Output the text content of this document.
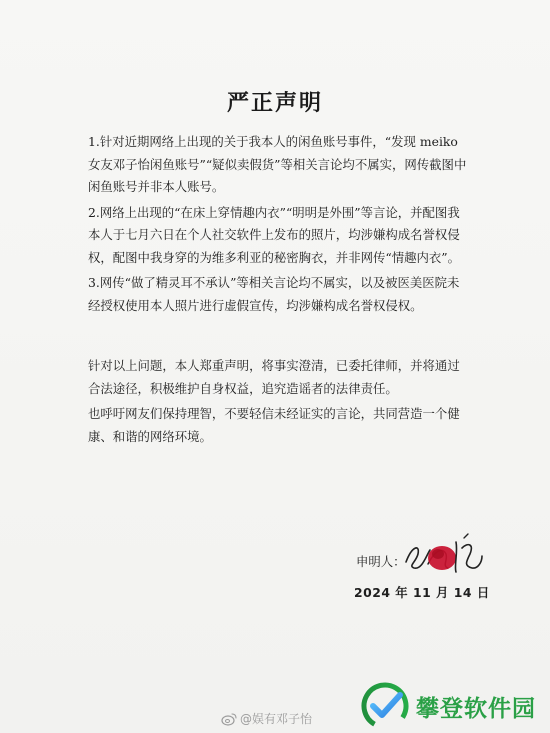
严正声明

1.针对近期网络上出现的关于我本人的闲鱼账号事件，“发现 meiko女友邓子怡闲鱼账号”“疑似卖假货”等相关言论均不属实，网传截图中闲鱼账号并非本人账号。

2.网络上出现的“在床上穿情趣内衣”“明明是外围”等言论，并配图我本人于七月六日在个人社交软件上发布的照片，均涉嫌构成名誉权侵权，配图中我身穿的为维多利亚的秘密胸衣，并非网传“情趣内衣”。

3.网传“做了精灵耳不承认”等相关言论均不属实，以及被医美医院未经授权使用本人照片进行虚假宣传，均涉嫌构成名誉权侵权。

针对以上问题，本人郑重声明，将事实澄清，已委托律师，并将通过合法途径，积极维护自身权益，追究造谣者的法律责任。

也呼吁网友们保持理智，不要轻信未经证实的言论，共同营造一个健康、和谐的网络环境。

申明人：
2024 年 11 月 14 日
@娱有邓子怡	攀登软件园
